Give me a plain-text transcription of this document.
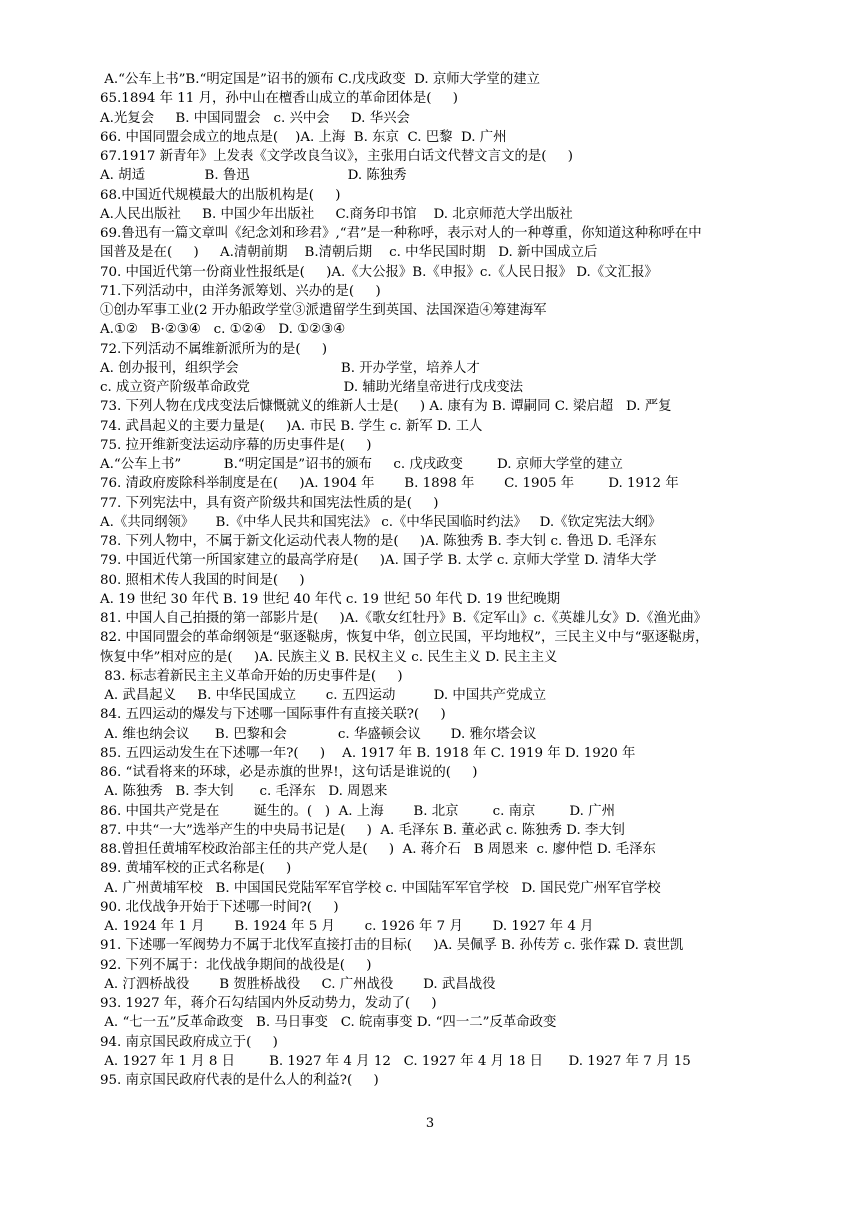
A.“公车上书”B.“明定国是”诏书的颁布 C.戊戌政变  D. 京师大学堂的建立
65.1894 年 11 月，孙中山在檀香山成立的革命团体是(     )
A.光复会     B. 中国同盟会   c. 兴中会     D. 华兴会
66. 中国同盟会成立的地点是(    )A. 上海  B. 东京  C. 巴黎  D. 广州
67.1917 新青年》上发表《文学改良刍议》，主张用白话文代替文言文的是(     )
A. 胡适              B. 鲁迅                       D. 陈独秀
68.中国近代规模最大的出版机构是(     )
A.人民出版社     B. 中国少年出版社     C.商务印书馆    D. 北京师范大学出版社
69.鲁迅有一篇文章叫《纪念刘和珍君》,“君”是一种称呼，表示对人的一种尊重，你知道这种称呼在中
国普及是在(     )     A.清朝前期    B.清朝后期    c. 中华民国时期   D. 新中国成立后
70. 中国近代第一份商业性报纸是(     )A.《大公报》B.《申报》c.《人民日报》 D.《文汇报》
71.下列活动中，由洋务派筹划、兴办的是(     )
①创办军事工业(2 开办船政学堂③派遣留学生到英国、法国深造④筹建海军
A.①②   B·②③④   c. ①②④   D. ①②③④
72.下列活动不属维新派所为的是(     )
A. 创办报刊，组织学会                        B. 开办学堂，培养人才
c. 成立资产阶级革命政党                      D. 辅助光绪皇帝进行戊戌变法
73. 下列人物在戊戌变法后慷慨就义的维新人士是(     ) A. 康有为 B. 谭嗣同 C. 梁启超   D. 严复
74. 武昌起义的主要力量是(     )A. 市民 B. 学生 c. 新军 D. 工人
75. 拉开维新变法运动序幕的历史事件是(     )
A.“公车上书”          B.“明定国是”诏书的颁布     c. 戊戌政变        D. 京师大学堂的建立
76. 清政府废除科举制度是在(     )A. 1904 年       B. 1898 年       C. 1905 年        D. 1912 年
77. 下列宪法中，具有资产阶级共和国宪法性质的是(     )
A.《共同纲领》     B.《中华人民共和国宪法》 c.《中华民国临时约法》   D.《钦定宪法大纲》
78. 下列人物中，不属于新文化运动代表人物的是(     )A. 陈独秀 B. 李大钊 c. 鲁迅 D. 毛泽东
79. 中国近代第一所国家建立的最高学府是(     )A. 国子学 B. 太学 c. 京师大学堂 D. 清华大学
80. 照相术传人我国的时间是(     )
A. 19 世纪 30 年代 B. 19 世纪 40 年代 c. 19 世纪 50 年代 D. 19 世纪晚期
81. 中国人自己拍摄的第一部影片是(     )A.《歌女红牡丹》B.《定军山》c.《英雄儿女》D.《渔光曲》
82. 中国同盟会的革命纲领是“驱逐鞑虏，恢复中华，创立民国，平均地权”，三民主义中与“驱逐鞑虏，
恢复中华”相对应的是(     )A. 民族主义 B. 民权主义 c. 民生主义 D. 民主主义
83. 标志着新民主主义革命开始的历史事件是(     )
A. 武昌起义     B. 中华民国成立       c. 五四运动         D. 中国共产党成立
84. 五四运动的爆发与下述哪一国际事件有直接关联?(     )
A. 维也纳会议      B. 巴黎和会            c. 华盛顿会议       D. 雅尔塔会议
85. 五四运动发生在下述哪一年?(     )    A. 1917 年 B. 1918 年 C. 1919 年 D. 1920 年
86. “试看将来的环球，必是赤旗的世界!，这句话是谁说的(     )
A. 陈独秀   B. 李大钊      c. 毛泽东   D. 周恩来
86. 中国共产党是在        诞生的。(   )  A. 上海       B. 北京        c. 南京        D. 广州
87. 中共“一大”选举产生的中央局书记是(     )  A. 毛泽东 B. 董必武 c. 陈独秀 D. 李大钊
88.曾担任黄埔军校政治部主任的共产党人是(     )  A. 蒋介石   B 周恩来  c. 廖仲恺 D. 毛泽东
89. 黄埔军校的正式名称是(     )
A. 广州黄埔军校   B. 中国国民党陆军军官学校 c. 中国陆军军官学校   D. 国民党广州军官学校
90. 北伐战争开始于下述哪一时间?(     )
A. 1924 年 1 月       B. 1924 年 5 月       c. 1926 年 7 月       D. 1927 年 4 月
91. 下述哪一军阀势力不属于北伐军直接打击的目标(     )A. 吴佩孚 B. 孙传芳 c. 张作霖 D. 袁世凯
92. 下列不属于：北伐战争期间的战役是(     )
A. 汀泗桥战役       B 贺胜桥战役     C. 广州战役       D. 武昌战役
93. 1927 年，蒋介石勾结国内外反动势力，发动了(     )
A. “七一五”反革命政变   B. 马日事变   C. 皖南事变 D. “四一二”反革命政变
94. 南京国民政府成立于(     )
A. 1927 年 1 月 8 日        B. 1927 年 4 月 12   C. 1927 年 4 月 18 日      D. 1927 年 7 月 15
95. 南京国民政府代表的是什么人的利益?(     )
3
